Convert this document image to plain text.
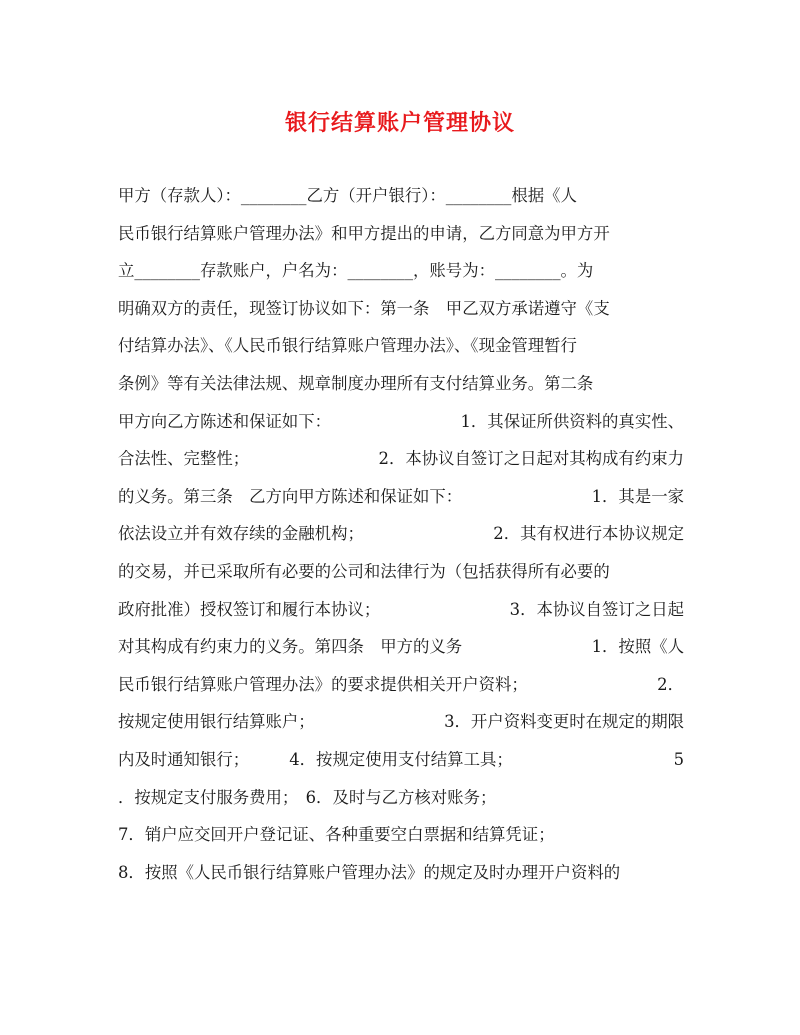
银行结算账户管理协议
甲方（存款人）：________乙方（开户银行）：________根据《人
民币银行结算账户管理办法》和甲方提出的申请，乙方同意为甲方开
立________存款账户，户名为：________，账号为：________。为
明确双方的责任，现签订协议如下：第一条　甲乙双方承诺遵守《支
付结算办法》、《人民币银行结算账户管理办法》、《现金管理暂行
条例》等有关法律法规、规章制度办理所有支付结算业务。第二条
甲方向乙方陈述和保证如下：	1．其保证所供资料的真实性、
合法性、完整性；	2．本协议自签订之日起对其构成有约束力
的义务。第三条　乙方向甲方陈述和保证如下：	1．其是一家
依法设立并有效存续的金融机构；	2．其有权进行本协议规定
的交易，并已采取所有必要的公司和法律行为（包括获得所有必要的
政府批准）授权签订和履行本协议；	3．本协议自签订之日起
对其构成有约束力的义务。第四条　甲方的义务	1．按照《人
民币银行结算账户管理办法》的要求提供相关开户资料；	2．
按规定使用银行结算账户；	3．开户资料变更时在规定的期限
内及时通知银行；	4．按规定使用支付结算工具；	5
．按规定支付服务费用； 6．及时与乙方核对账务；
7．销户应交回开户登记证、各种重要空白票据和结算凭证；
8．按照《人民币银行结算账户管理办法》的规定及时办理开户资料的
